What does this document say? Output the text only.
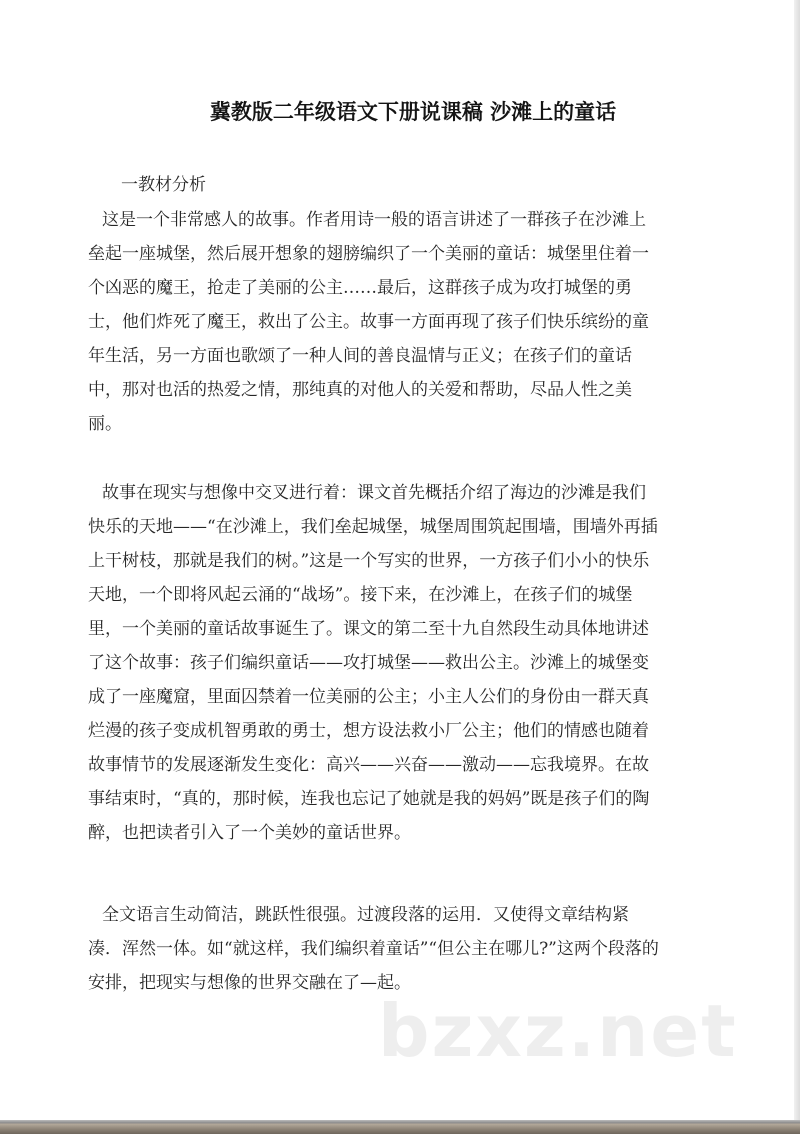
冀教版二年级语文下册说课稿 沙滩上的童话
一教材分析
这是一个非常感人的故事。作者用诗一般的语言讲述了一群孩子在沙滩上
垒起一座城堡，然后展开想象的翅膀编织了一个美丽的童话：城堡里住着一
个凶恶的魔王，抢走了美丽的公主……最后，这群孩子成为攻打城堡的勇
士，他们炸死了魔王，救出了公主。故事一方面再现了孩子们快乐缤纷的童
年生活，另一方面也歌颂了一种人间的善良温情与正义；在孩子们的童话
中，那对也活的热爱之情，那纯真的对他人的关爱和帮助，尽品人性之美
丽。
故事在现实与想像中交叉进行着：课文首先概括介绍了海边的沙滩是我们
快乐的天地——“在沙滩上，我们垒起城堡，城堡周围筑起围墙，围墙外再插
上干树枝，那就是我们的树。”这是一个写实的世界，一方孩子们小小的快乐
天地，一个即将风起云涌的“战场”。接下来，在沙滩上，在孩子们的城堡
里，一个美丽的童话故事诞生了。课文的第二至十九自然段生动具体地讲述
了这个故事：孩子们编织童话——攻打城堡——救出公主。沙滩上的城堡变
成了一座魔窟，里面囚禁着一位美丽的公主；小主人公们的身份由一群天真
烂漫的孩子变成机智勇敢的勇士，想方设法救小厂公主；他们的情感也随着
故事情节的发展逐渐发生变化：高兴——兴奋——激动——忘我境界。在故
事结束时，“真的，那时候，连我也忘记了她就是我的妈妈”既是孩子们的陶
醉，也把读者引入了一个美妙的童话世界。
全文语言生动简洁，跳跃性很强。过渡段落的运用．又使得文章结构紧
凑．浑然一体。如“就这样，我们编织着童话”“但公主在哪儿?”这两个段落的
安排，把现实与想像的世界交融在了—起。
bzxz.net
